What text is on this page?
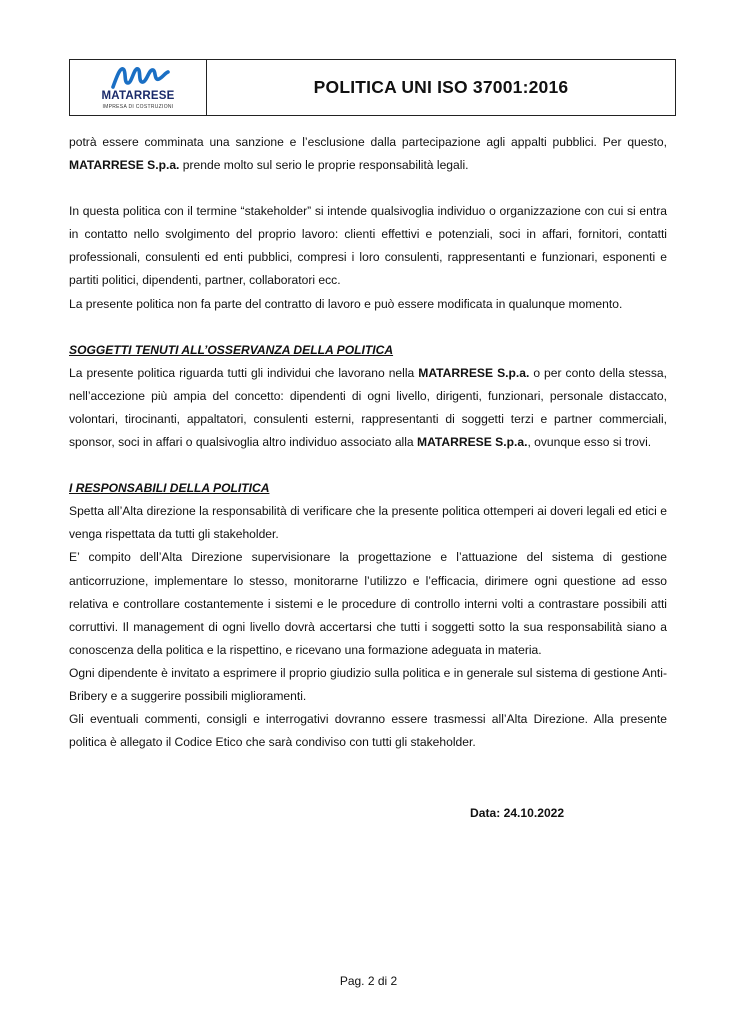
MATARRESE
IMPRESA DI COSTRUZIONI
POLITICA UNI ISO 37001:2016

potrà essere comminata una sanzione e l’esclusione dalla partecipazione agli appalti pubblici. Per questo, MATARRESE S.p.a. prende molto sul serio le proprie responsabilità legali.

In questa politica con il termine “stakeholder” si intende qualsivoglia individuo o organizzazione con cui si entra in contatto nello svolgimento del proprio lavoro: clienti effettivi e potenziali, soci in affari, fornitori, contatti professionali, consulenti ed enti pubblici, compresi i loro consulenti, rappresentanti e funzionari, esponenti e partiti politici, dipendenti, partner, collaboratori ecc.

La presente politica non fa parte del contratto di lavoro e può essere modificata in qualunque momento.

SOGGETTI TENUTI ALL’OSSERVANZA DELLA POLITICA

La presente politica riguarda tutti gli individui che lavorano nella MATARRESE S.p.a. o per conto della stessa, nell’accezione più ampia del concetto: dipendenti di ogni livello, dirigenti, funzionari, personale distaccato, volontari, tirocinanti, appaltatori, consulenti esterni, rappresentanti di soggetti terzi e partner commerciali, sponsor, soci in affari o qualsivoglia altro individuo associato alla MATARRESE S.p.a., ovunque esso si trovi.

I RESPONSABILI DELLA POLITICA

Spetta all’Alta direzione la responsabilità di verificare che la presente politica ottemperi ai doveri legali ed etici e venga rispettata da tutti gli stakeholder.

E’ compito dell’Alta Direzione supervisionare la progettazione e l’attuazione del sistema di gestione anticorruzione, implementare lo stesso, monitorarne l’utilizzo e l’efficacia, dirimere ogni questione ad esso relativa e controllare costantemente i sistemi e le procedure di controllo interni volti a contrastare possibili atti corruttivi. Il management di ogni livello dovrà accertarsi che tutti i soggetti sotto la sua responsabilità siano a conoscenza della politica e la rispettino, e ricevano una formazione adeguata in materia.

Ogni dipendente è invitato a esprimere il proprio giudizio sulla politica e in generale sul sistema di gestione Anti-Bribery e a suggerire possibili miglioramenti.

Gli eventuali commenti, consigli e interrogativi dovranno essere trasmessi all’Alta Direzione. Alla presente politica è allegato il Codice Etico che sarà condiviso con tutti gli stakeholder.

Data: 24.10.2022
Pag. 2 di 2
